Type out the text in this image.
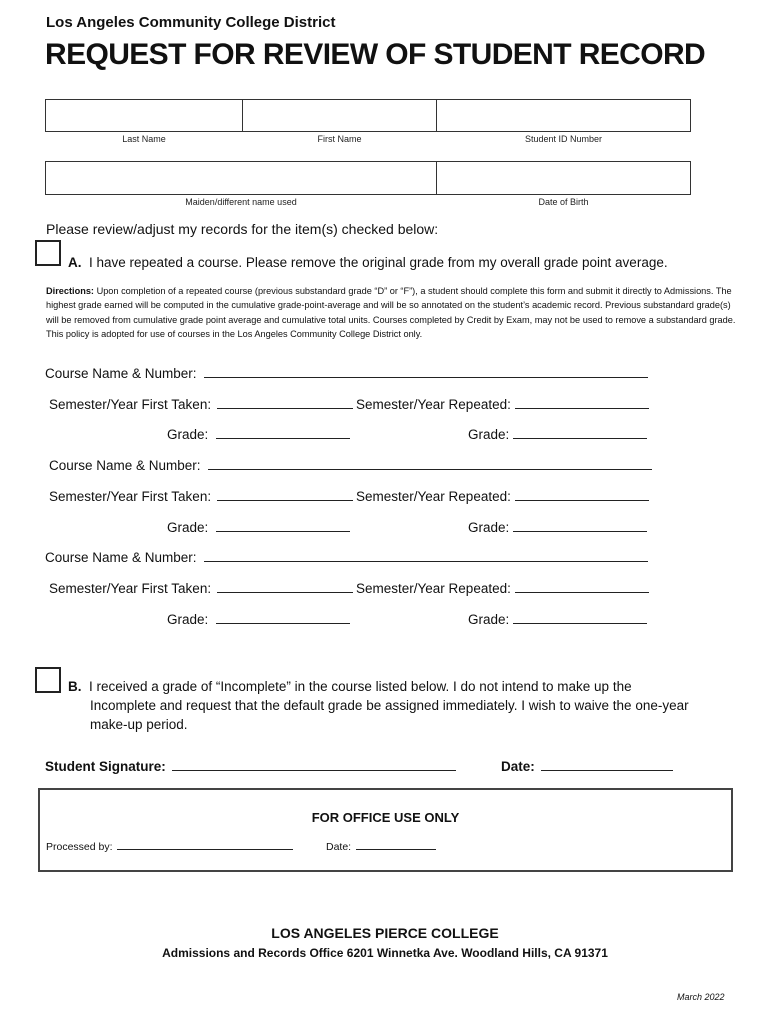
Los Angeles Community College District
REQUEST FOR REVIEW OF STUDENT RECORD
Last Name	First Name	Student ID Number
Maiden/different name used	Date of Birth
Please review/adjust my records for the item(s) checked below:
A. I have repeated a course. Please remove the original grade from my overall grade point average.
Directions: Upon completion of a repeated course (previous substandard grade “D” or “F”), a student should complete this form and submit it directly to Admissions. The highest grade earned will be computed in the cumulative grade-point-average and will be so annotated on the student’s academic record. Previous substandard grade(s) will be removed from cumulative grade point average and cumulative total units. Courses completed by Credit by Exam, may not be used to remove a substandard grade. This policy is adopted for use of courses in the Los Angeles Community College District only.
Course Name & Number:
Semester/Year First Taken:	Semester/Year Repeated:
Grade:	Grade:
Course Name & Number:
Semester/Year First Taken:	Semester/Year Repeated:
Grade:	Grade:
Course Name & Number:
Semester/Year First Taken:	Semester/Year Repeated:
Grade:	Grade:
B. I received a grade of “Incomplete” in the course listed below. I do not intend to make up the
Incomplete and request that the default grade be assigned immediately. I wish to waive the one-year
make-up period.
Student Signature:	Date:
FOR OFFICE USE ONLY
Processed by:	Date:
LOS ANGELES PIERCE COLLEGE
Admissions and Records Office 6201 Winnetka Ave. Woodland Hills, CA 91371
March 2022
